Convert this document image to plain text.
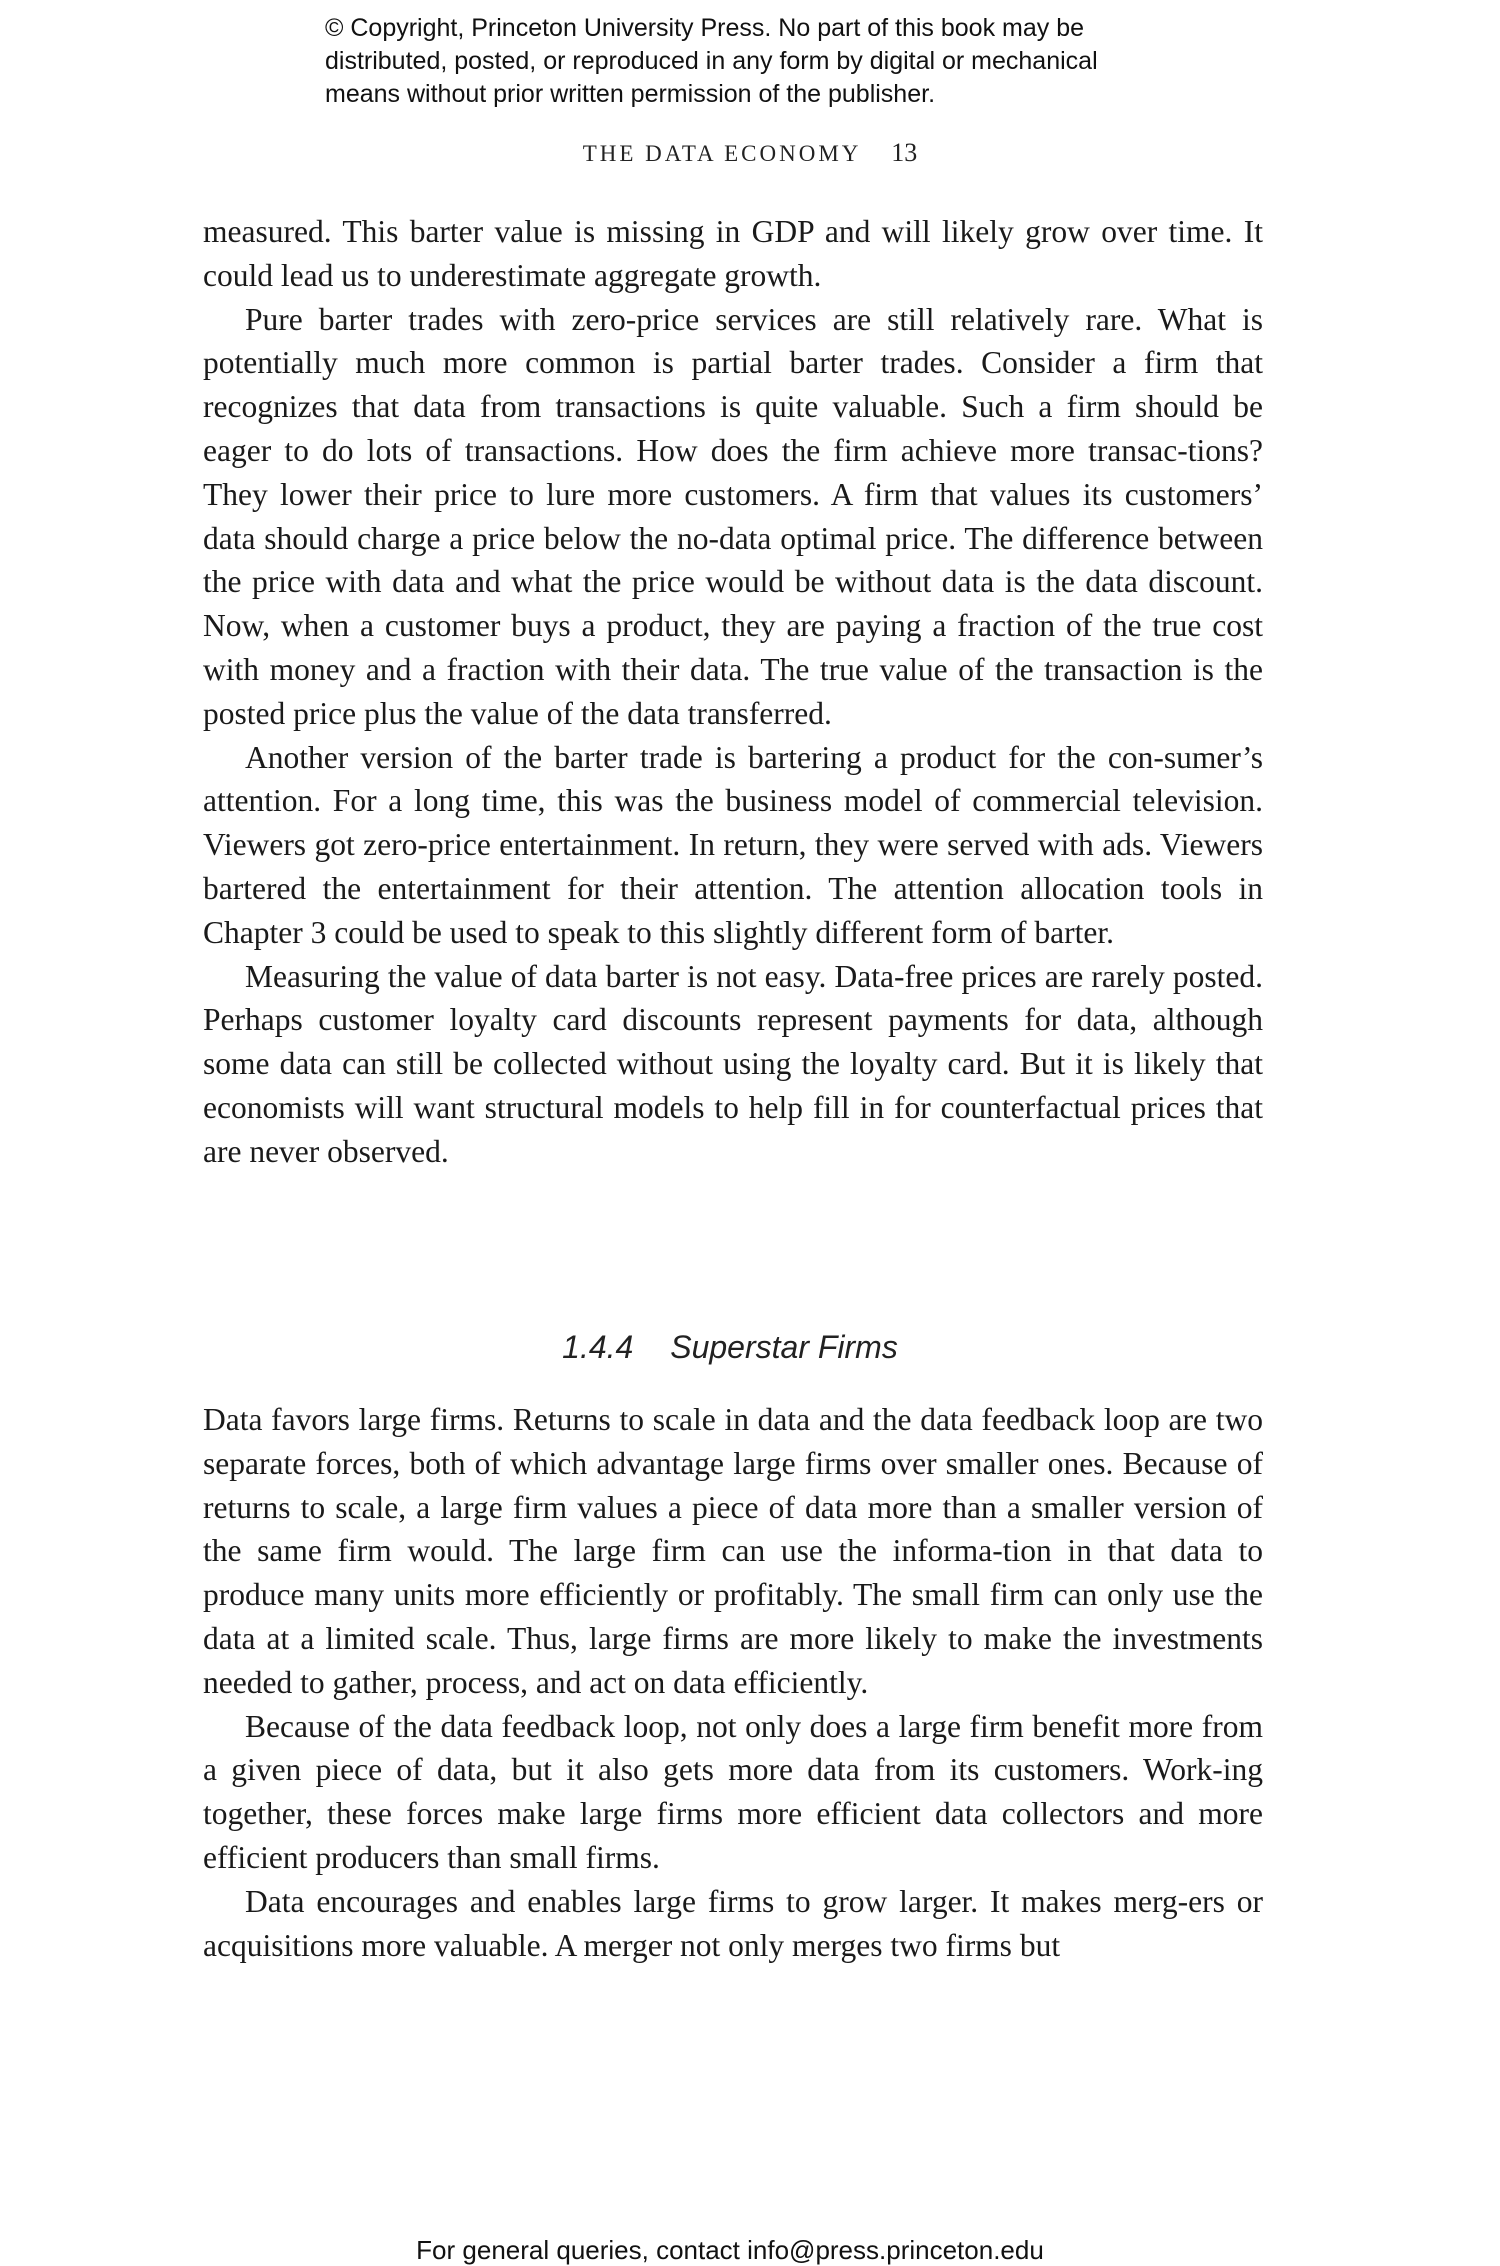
© Copyright, Princeton University Press. No part of this book may be
distributed, posted, or reproduced in any form by digital or mechanical
means without prior written permission of the publisher.
THE DATA ECONOMY 13

measured. This barter value is missing in GDP and will likely grow over time. It could lead us to underestimate aggregate growth.

Pure barter trades with zero-price services are still relatively rare. What is potentially much more common is partial barter trades. Consider a firm that recognizes that data from transactions is quite valuable. Such a firm should be eager to do lots of transactions. How does the firm achieve more transac-tions? They lower their price to lure more customers. A firm that values its customers’ data should charge a price below the no-data optimal price. The difference between the price with data and what the price would be without data is the data discount. Now, when a customer buys a product, they are paying a fraction of the true cost with money and a fraction with their data. The true value of the transaction is the posted price plus the value of the data transferred.

Another version of the barter trade is bartering a product for the con-sumer’s attention. For a long time, this was the business model of commercial television. Viewers got zero-price entertainment. In return, they were served with ads. Viewers bartered the entertainment for their attention. The attention allocation tools in Chapter 3 could be used to speak to this slightly different form of barter.

Measuring the value of data barter is not easy. Data-free prices are rarely posted. Perhaps customer loyalty card discounts represent payments for data, although some data can still be collected without using the loyalty card. But it is likely that economists will want structural models to help fill in for counterfactual prices that are never observed.

1.4.4 Superstar Firms

Data favors large firms. Returns to scale in data and the data feedback loop are two separate forces, both of which advantage large firms over smaller ones. Because of returns to scale, a large firm values a piece of data more than a smaller version of the same firm would. The large firm can use the informa-tion in that data to produce many units more efficiently or profitably. The small firm can only use the data at a limited scale. Thus, large firms are more likely to make the investments needed to gather, process, and act on data efficiently.

Because of the data feedback loop, not only does a large firm benefit more from a given piece of data, but it also gets more data from its customers. Work-ing together, these forces make large firms more efficient data collectors and more efficient producers than small firms.

Data encourages and enables large firms to grow larger. It makes merg-ers or acquisitions more valuable. A merger not only merges two firms but

For general queries, contact info@press.princeton.edu
